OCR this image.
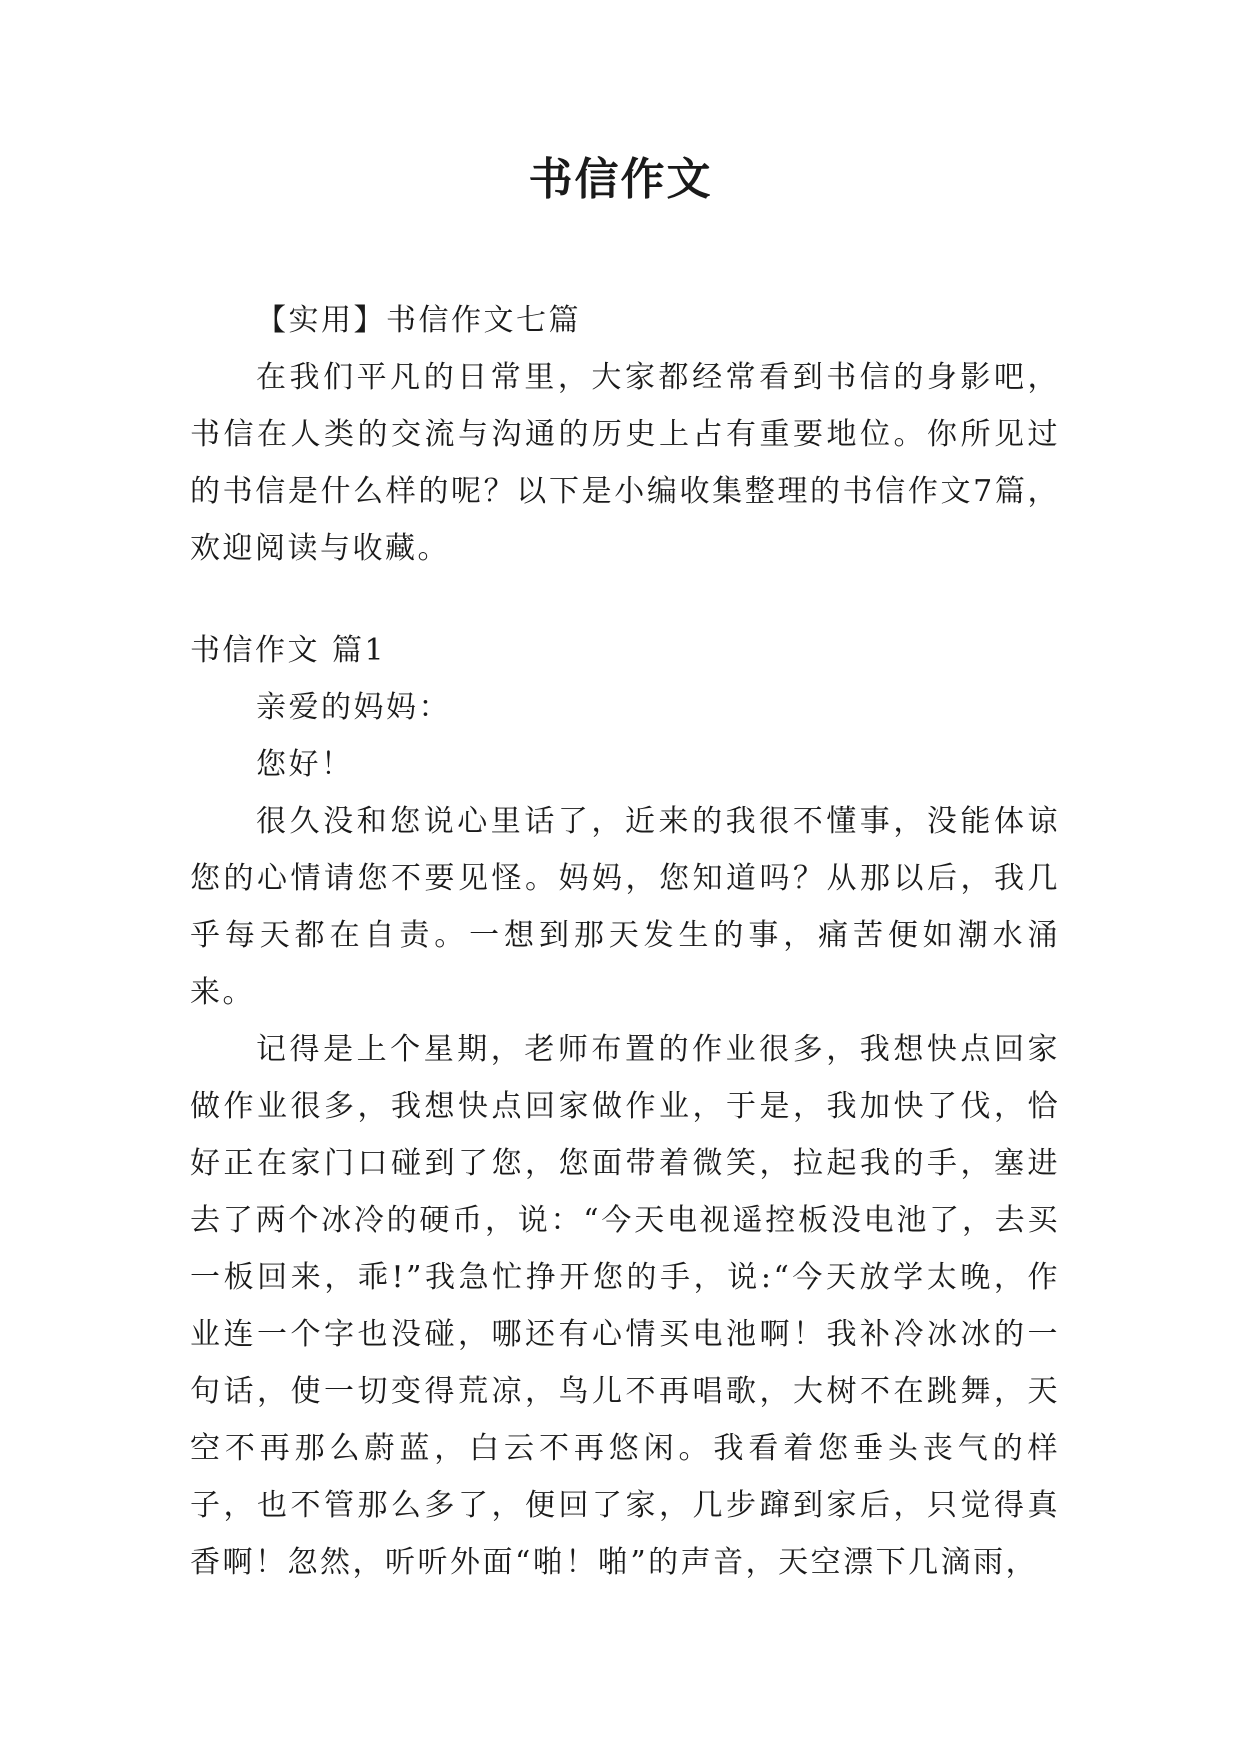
书信作文

【实用】书信作文七篇

在我们平凡的日常里，大家都经常看到书信的身影吧，书信在人类的交流与沟通的历史上占有重要地位。你所见过的书信是什么样的呢？以下是小编收集整理的书信作文7篇，欢迎阅读与收藏。

书信作文 篇1

亲爱的妈妈：

您好！

很久没和您说心里话了，近来的我很不懂事，没能体谅您的心情请您不要见怪。妈妈，您知道吗？从那以后，我几乎每天都在自责。一想到那天发生的事，痛苦便如潮水涌来。

记得是上个星期，老师布置的作业很多，我想快点回家做作业很多，我想快点回家做作业，于是，我加快了伐，恰好正在家门口碰到了您，您面带着微笑，拉起我的手，塞进去了两个冰冷的硬币，说：“今天电视遥控板没电池了，去买一板回来，乖!”我急忙挣开您的手，说:“今天放学太晚，作业连一个字也没碰，哪还有心情买电池啊！我补冷冰冰的一句话，使一切变得荒凉，鸟儿不再唱歌，大树不在跳舞，天空不再那么蔚蓝，白云不再悠闲。我看着您垂头丧气的样子，也不管那么多了，便回了家，几步蹿到家后，只觉得真香啊！忽然，听听外面“啪！啪”的声音，天空漂下几滴雨，
